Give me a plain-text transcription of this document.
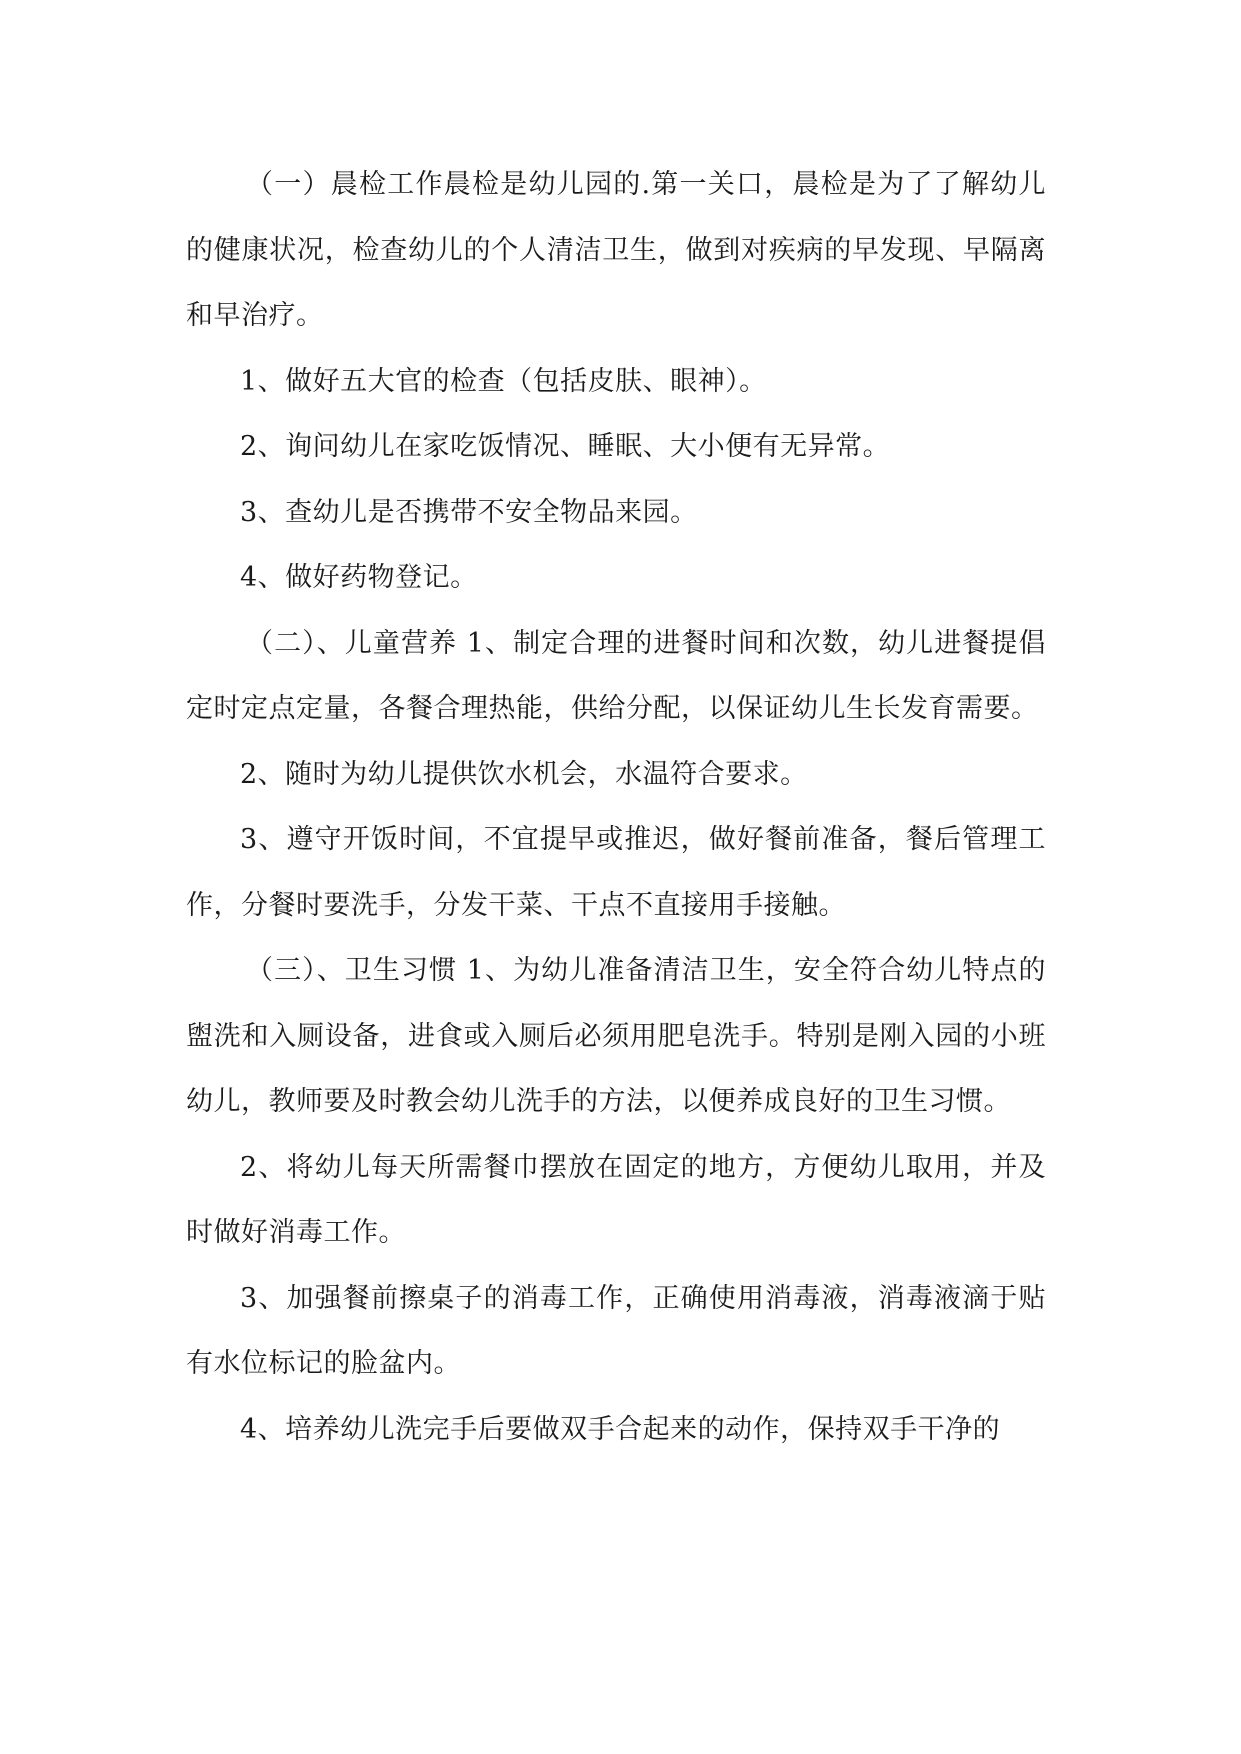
（一）晨检工作晨检是幼儿园的.第一关口，晨检是为了了解幼儿的健康状况，检查幼儿的个人清洁卫生，做到对疾病的早发现、早隔离和早治疗。

1、做好五大官的检查（包括皮肤、眼神）。

2、询问幼儿在家吃饭情况、睡眠、大小便有无异常。

3、查幼儿是否携带不安全物品来园。

4、做好药物登记。

（二）、儿童营养 1、制定合理的进餐时间和次数，幼儿进餐提倡定时定点定量，各餐合理热能，供给分配，以保证幼儿生长发育需要。

2、随时为幼儿提供饮水机会，水温符合要求。

3、遵守开饭时间，不宜提早或推迟，做好餐前准备，餐后管理工作，分餐时要洗手，分发干菜、干点不直接用手接触。

（三）、卫生习惯 1、为幼儿准备清洁卫生，安全符合幼儿特点的盥洗和入厕设备，进食或入厕后必须用肥皂洗手。特别是刚入园的小班幼儿，教师要及时教会幼儿洗手的方法，以便养成良好的卫生习惯。

2、将幼儿每天所需餐巾摆放在固定的地方，方便幼儿取用，并及时做好消毒工作。

3、加强餐前擦桌子的消毒工作，正确使用消毒液，消毒液滴于贴有水位标记的脸盆内。

4、培养幼儿洗完手后要做双手合起来的动作，保持双手干净的
